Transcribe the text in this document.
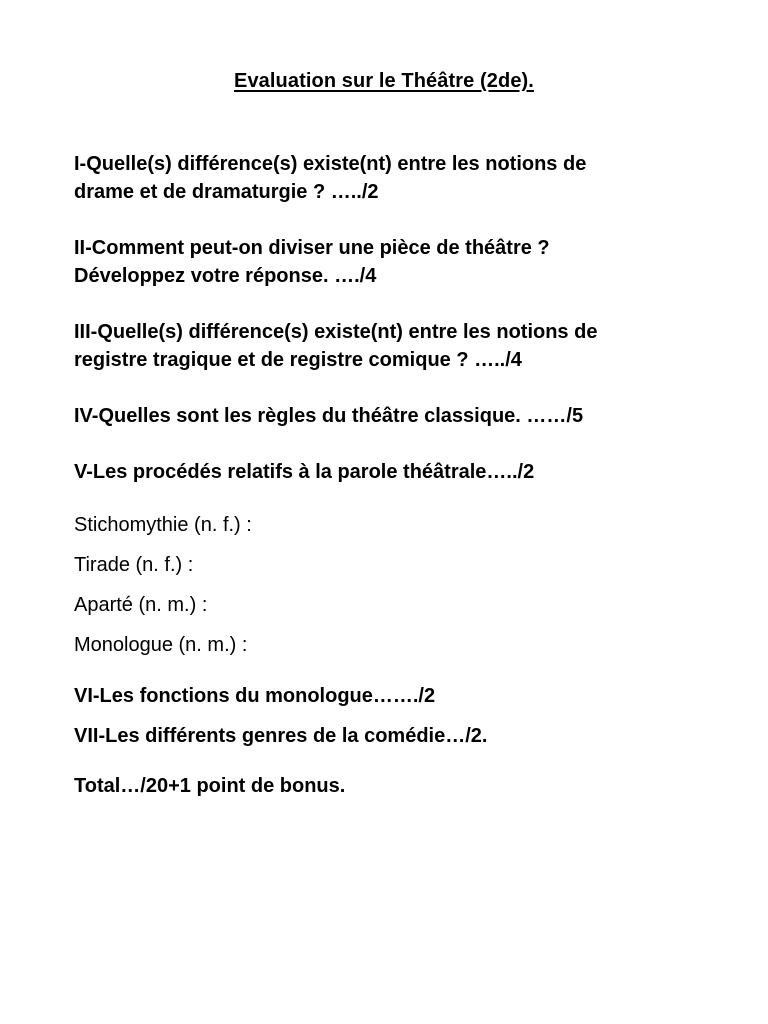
Evaluation sur le Théâtre (2de).
I-Quelle(s) différence(s) existe(nt) entre les notions de
drame et de dramaturgie ? …../2
II-Comment peut-on diviser une pièce de théâtre ?
Développez votre réponse. …./4
III-Quelle(s) différence(s) existe(nt) entre les notions de
registre tragique et de registre comique ? …../4
IV-Quelles sont les règles du théâtre classique. ……/5
V-Les procédés relatifs à la parole théâtrale…../2
Stichomythie (n. f.) :
Tirade (n. f.) :
Aparté (n. m.) :
Monologue (n. m.) :
VI-Les fonctions du monologue……./2
VII-Les différents genres de la comédie…/2.
Total…/20+1 point de bonus.
